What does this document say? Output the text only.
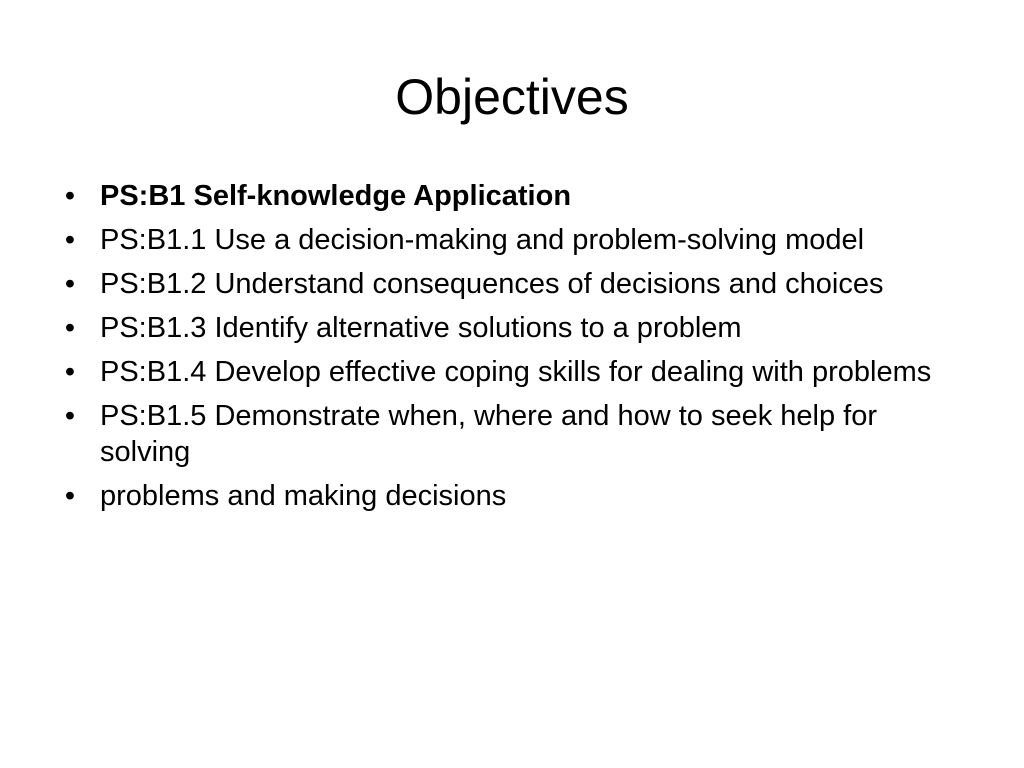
Objectives
• PS:B1 Self-knowledge Application
• PS:B1.1 Use a decision-making and problem-solving model
• PS:B1.2 Understand consequences of decisions and choices
• PS:B1.3 Identify alternative solutions to a problem
• PS:B1.4 Develop effective coping skills for dealing with problems
• PS:B1.5 Demonstrate when, where and how to seek help for solving
• problems and making decisions
